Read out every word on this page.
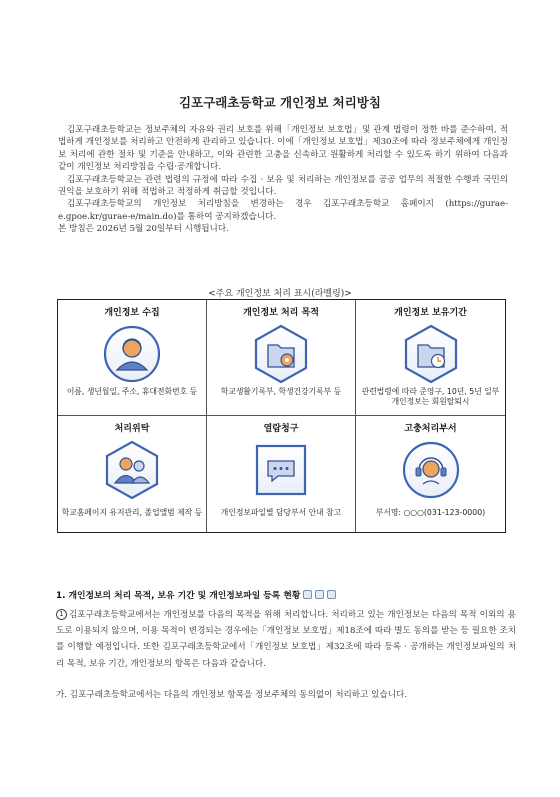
김포구래초등학교 개인정보 처리방침

김포구래초등학교는 정보주체의 자유와 권리 보호를 위해「개인정보 보호법」및 관계 법령이 정한 바를 준수하여, 적법하게 개인정보를 처리하고 안전하게 관리하고 있습니다. 이에「개인정보 보호법」제30조에 따라 정보주체에게 개인정보 처리에 관한 절차 및 기준을 안내하고, 이와 관련한 고충을 신속하고 원활하게 처리할 수 있도록 하기 위하여 다음과 같이 개인정보 처리방침을 수립·공개합니다.

김포구래초등학교는 관련 법령의 규정에 따라 수집 · 보유 및 처리하는 개인정보를 공공 업무의 적절한 수행과 국민의 권익을 보호하기 위해 적법하고 적정하게 취급할 것입니다.

김포구래초등학교의 개인정보 처리방침을 변경하는 경우 김포구래초등학교 홈페이지 (https://gurae-e.gpoe.kr/gurae-e/main.do)를 통하여 공지하겠습니다.

본 방침은 2026년 5월 20일부터 시행됩니다.

<주요 개인정보 처리 표시(라벨링)>
개인정보 수집
이름, 생년월일, 주소, 휴대전화번호 등
개인정보 처리 목적
학교생활기록부, 학생건강기록부 등
개인정보 보유기간
관련법령에 따라 준영구, 10년, 5년 일부 개인정보는 회원탈퇴시
처리위탁
학교홈페이지 유지관리, 졸업앨범 제작 등
열람청구
개인정보파일별 담당부서 안내 참고
고충처리부서
부서명: ○○○(031-123-0000)
1. 개인정보의 처리 목적, 보유 기간 및 개인정보파일 등록 현황

1 김포구래초등학교에서는 개인정보를 다음의 목적을 위해 처리합니다. 처리하고 있는 개인정보는 다음의 목적 이외의 용도로 이용되지 않으며, 이용 목적이 변경되는 경우에는「개인정보 보호법」제18조에 따라 별도 동의를 받는 등 필요한 조치를 이행할 예정입니다. 또한 김포구래초등학교에서「개인정보 보호법」제32조에 따라 등록 · 공개하는 개인정보파일의 처리 목적, 보유 기간, 개인정보의 항목은 다음과 같습니다.

가. 김포구래초등학교에서는 다음의 개인정보 항목을 정보주체의 동의없이 처리하고 있습니다.
